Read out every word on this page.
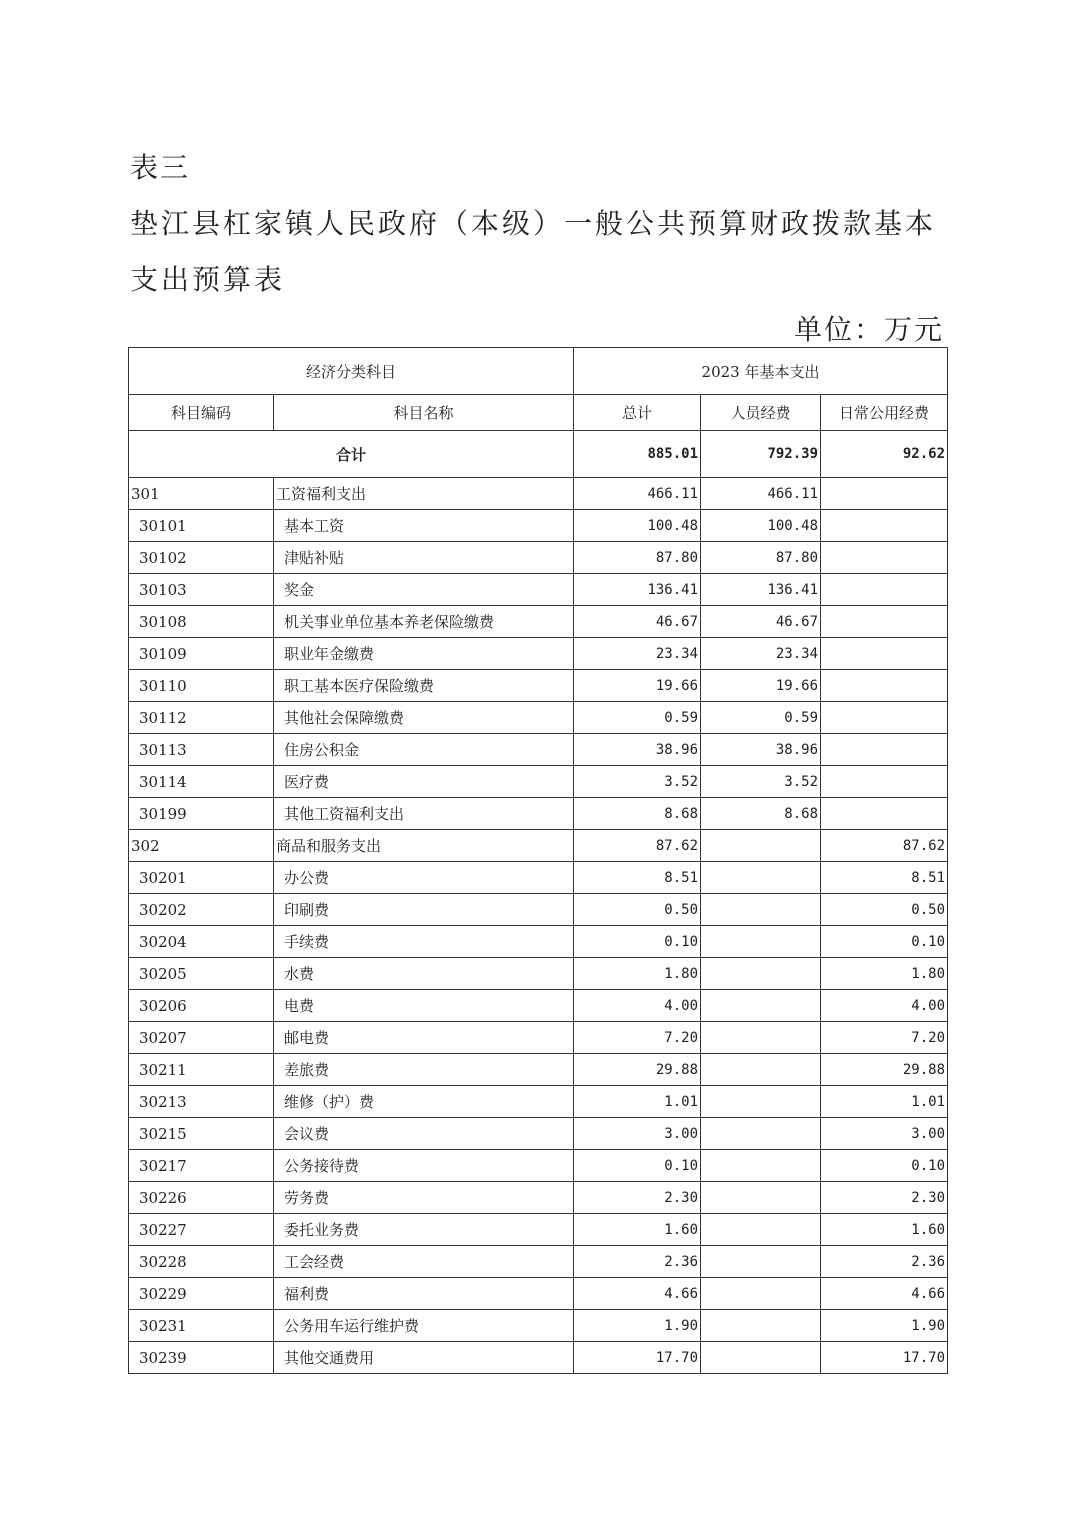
表三
垫江县杠家镇人民政府（本级）一般公共预算财政拨款基本支出预算表
单位：万元
经济分类科目		2023 年基本支出		
科目编码	科目名称	总计	人员经费	日常公用经费
合计		885.01	792.39	92.62
301	工资福利支出	466.11	466.11	
30101	基本工资	100.48	100.48	
30102	津贴补贴	87.80	87.80	
30103	奖金	136.41	136.41	
30108	机关事业单位基本养老保险缴费	46.67	46.67	
30109	职业年金缴费	23.34	23.34	
30110	职工基本医疗保险缴费	19.66	19.66	
30112	其他社会保障缴费	0.59	0.59	
30113	住房公积金	38.96	38.96	
30114	医疗费	3.52	3.52	
30199	其他工资福利支出	8.68	8.68	
302	商品和服务支出	87.62		87.62
30201	办公费	8.51		8.51
30202	印刷费	0.50		0.50
30204	手续费	0.10		0.10
30205	水费	1.80		1.80
30206	电费	4.00		4.00
30207	邮电费	7.20		7.20
30211	差旅费	29.88		29.88
30213	维修（护）费	1.01		1.01
30215	会议费	3.00		3.00
30217	公务接待费	0.10		0.10
30226	劳务费	2.30		2.30
30227	委托业务费	1.60		1.60
30228	工会经费	2.36		2.36
30229	福利费	4.66		4.66
30231	公务用车运行维护费	1.90		1.90
30239	其他交通费用	17.70		17.70
